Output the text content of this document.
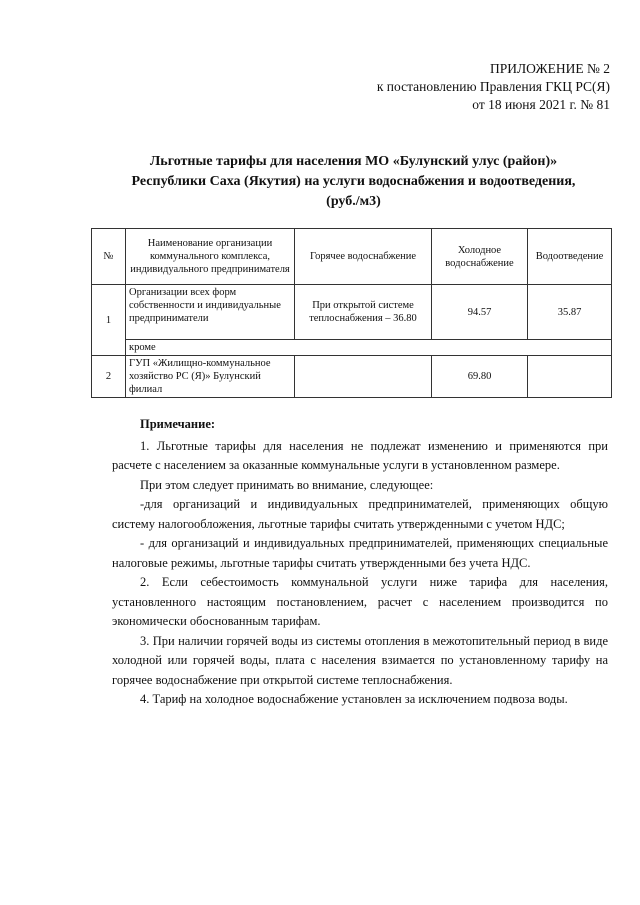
ПРИЛОЖЕНИЕ № 2
к постановлению Правления ГКЦ РС(Я)
от 18 июня 2021 г. № 81
Льготные тарифы для населения МО «Булунский улус (район)»
Республики Саха (Якутия) на услуги водоснабжения и водоотведения,
(руб./м3)
№	Наименование организации коммунального комплекса, индивидуального предпринимателя	Горячее водоснабжение	Холодное водоснабжение	Водоотведение
1	Организации всех форм собственности и индивидуальные предприниматели	При открытой системе теплоснабжения – 36.80	94.57	35.87
	кроме			
2	ГУП «Жилищно-коммунальное хозяйство РС (Я)» Булунский филиал		69.80	

Примечание:

1. Льготные тарифы для населения не подлежат изменению и применяются при расчете с населением за оказанные коммунальные услуги в установленном размере.

При этом следует принимать во внимание, следующее:

-для организаций и индивидуальных предпринимателей, применяющих общую систему налогообложения, льготные тарифы считать утвержденными с учетом НДС;

- для организаций и индивидуальных предпринимателей, применяющих специальные налоговые режимы, льготные тарифы считать утвержденными без учета НДС.

2. Если себестоимость коммунальной услуги ниже тарифа для населения, установленного настоящим постановлением, расчет с населением производится по экономически обоснованным тарифам.

3. При наличии горячей воды из системы отопления в межотопительный период в виде холодной или горячей воды, плата с населения взимается по установленному тарифу на горячее водоснабжение при открытой системе теплоснабжения.

4. Тариф на холодное водоснабжение установлен за исключением подвоза воды.
